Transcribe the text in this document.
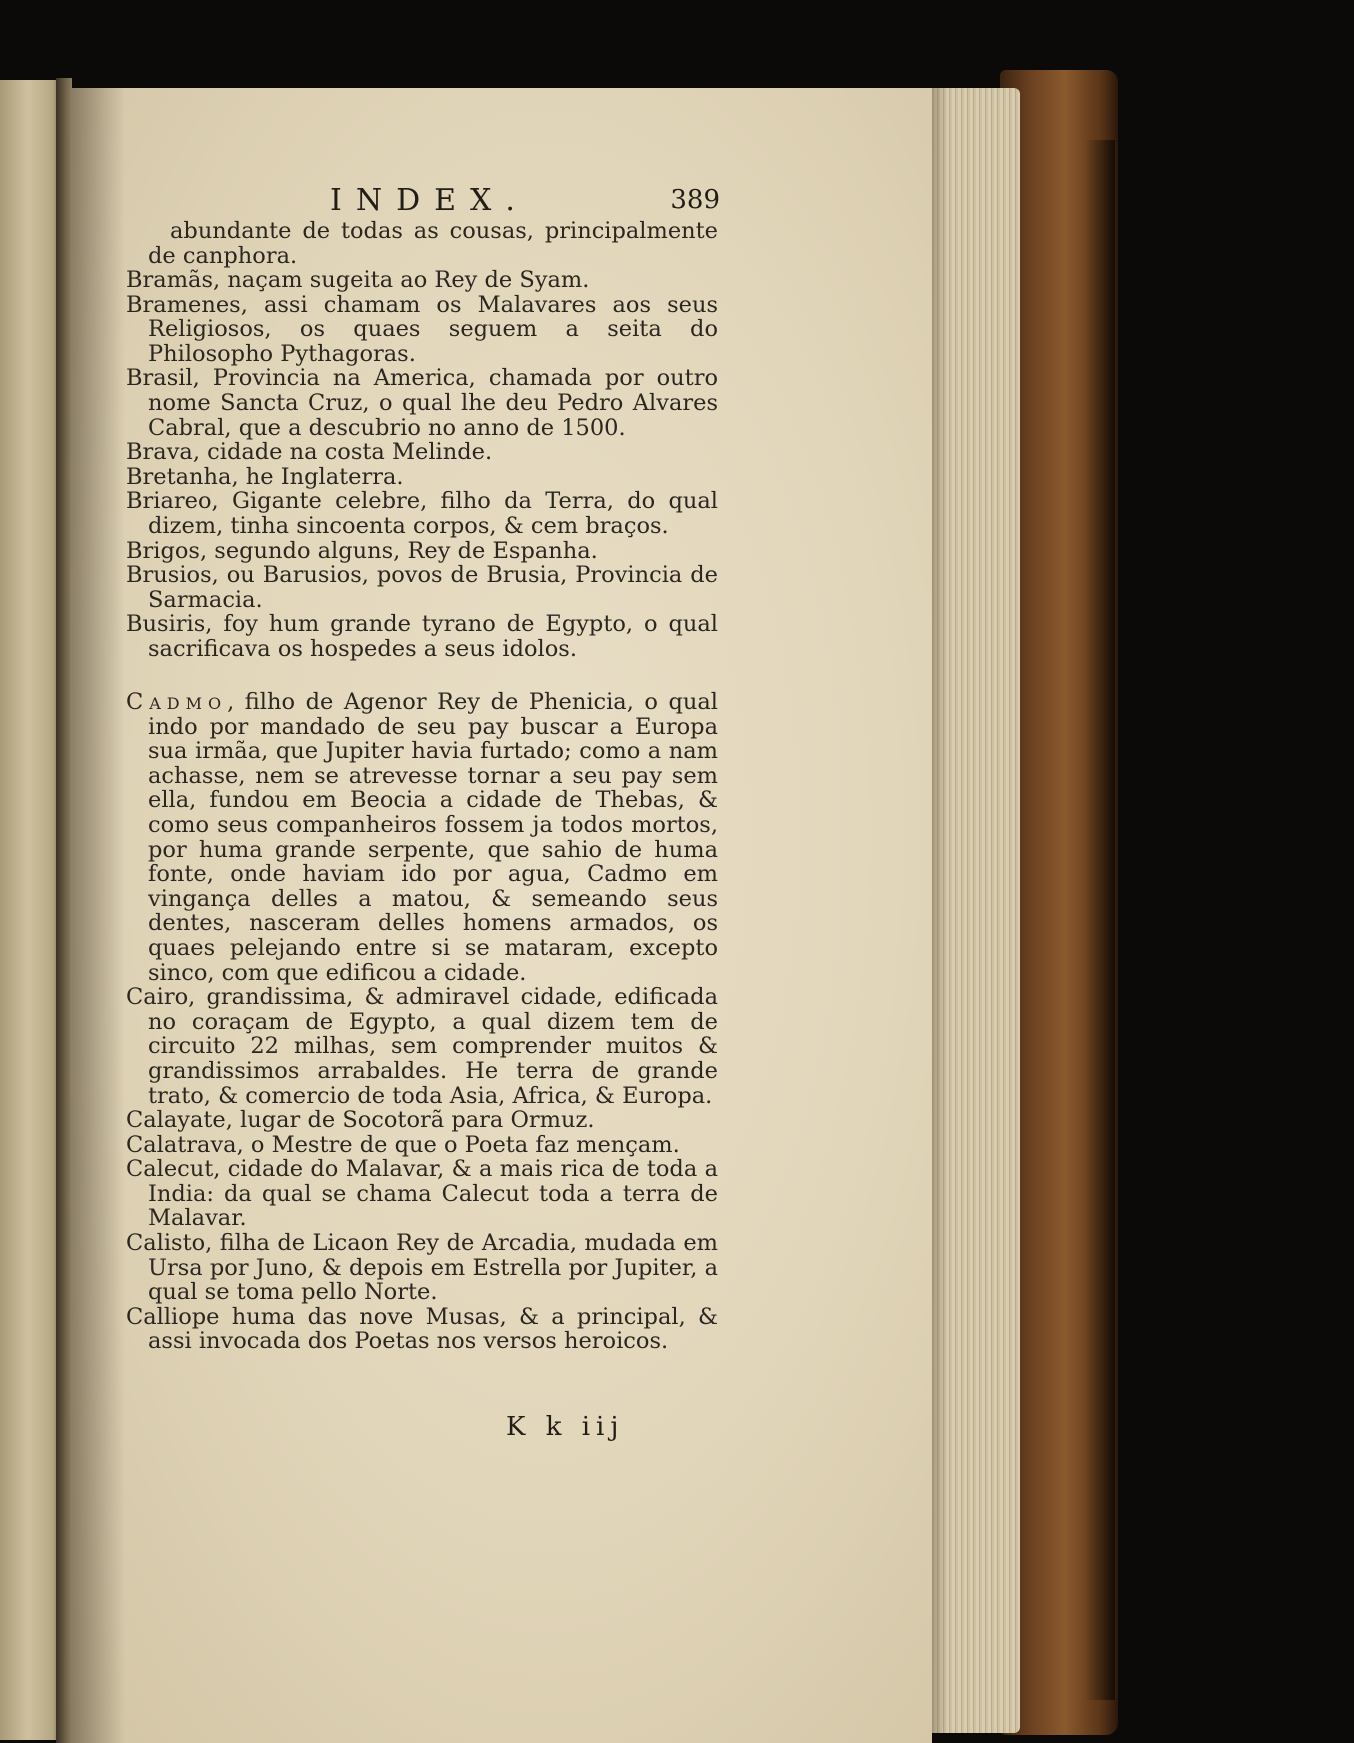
INDEX.	389
abundante de todas as cousas, principalmente de canphora.
Bramãs, naçam sugeita ao Rey de Syam.
Bramenes, assi chamam os Malavares aos seus Religiosos, os quaes seguem a seita do Philosopho Pythagoras.
Brasil, Provincia na America, chamada por outro nome Sancta Cruz, o qual lhe deu Pedro Alvares Cabral, que a descubrio no anno de 1500.
Brava, cidade na costa Melinde.
Bretanha, he Inglaterra.
Briareo, Gigante celebre, filho da Terra, do qual dizem, tinha sincoenta corpos, & cem braços.
Brigos, segundo alguns, Rey de Espanha.
Brusios, ou Barusios, povos de Brusia, Provincia de Sarmacia.
Busiris, foy hum grande tyrano de Egypto, o qual sacrificava os hospedes a seus idolos.
Cadmo, filho de Agenor Rey de Phenicia, o qual indo por mandado de seu pay buscar a Europa sua irmãa, que Jupiter havia furtado; como a nam achasse, nem se atrevesse tornar a seu pay sem ella, fundou em Beocia a cidade de Thebas, & como seus companheiros fossem ja todos mortos, por huma grande serpente, que sahio de huma fonte, onde haviam ido por agua, Cadmo em vingança delles a matou, & semeando seus dentes, nasceram delles homens armados, os quaes pelejando entre si se mataram, excepto sinco, com que edificou a cidade.
Cairo, grandissima, & admiravel cidade, edificada no coraçam de Egypto, a qual dizem tem de circuito 22 milhas, sem comprender muitos & grandissimos arrabaldes. He terra de grande trato, & comercio de toda Asia, Africa, & Europa.
Calayate, lugar de Socotorã para Ormuz.
Calatrava, o Mestre de que o Poeta faz mençam.
Calecut, cidade do Malavar, & a mais rica de toda a India: da qual se chama Calecut toda a terra de Malavar.
Calisto, filha de Licaon Rey de Arcadia, mudada em Ursa por Juno, & depois em Estrella por Jupiter, a qual se toma pello Norte.
Calliope huma das nove Musas, & a principal, & assi invocada dos Poetas nos versos heroicos.
K k iij
